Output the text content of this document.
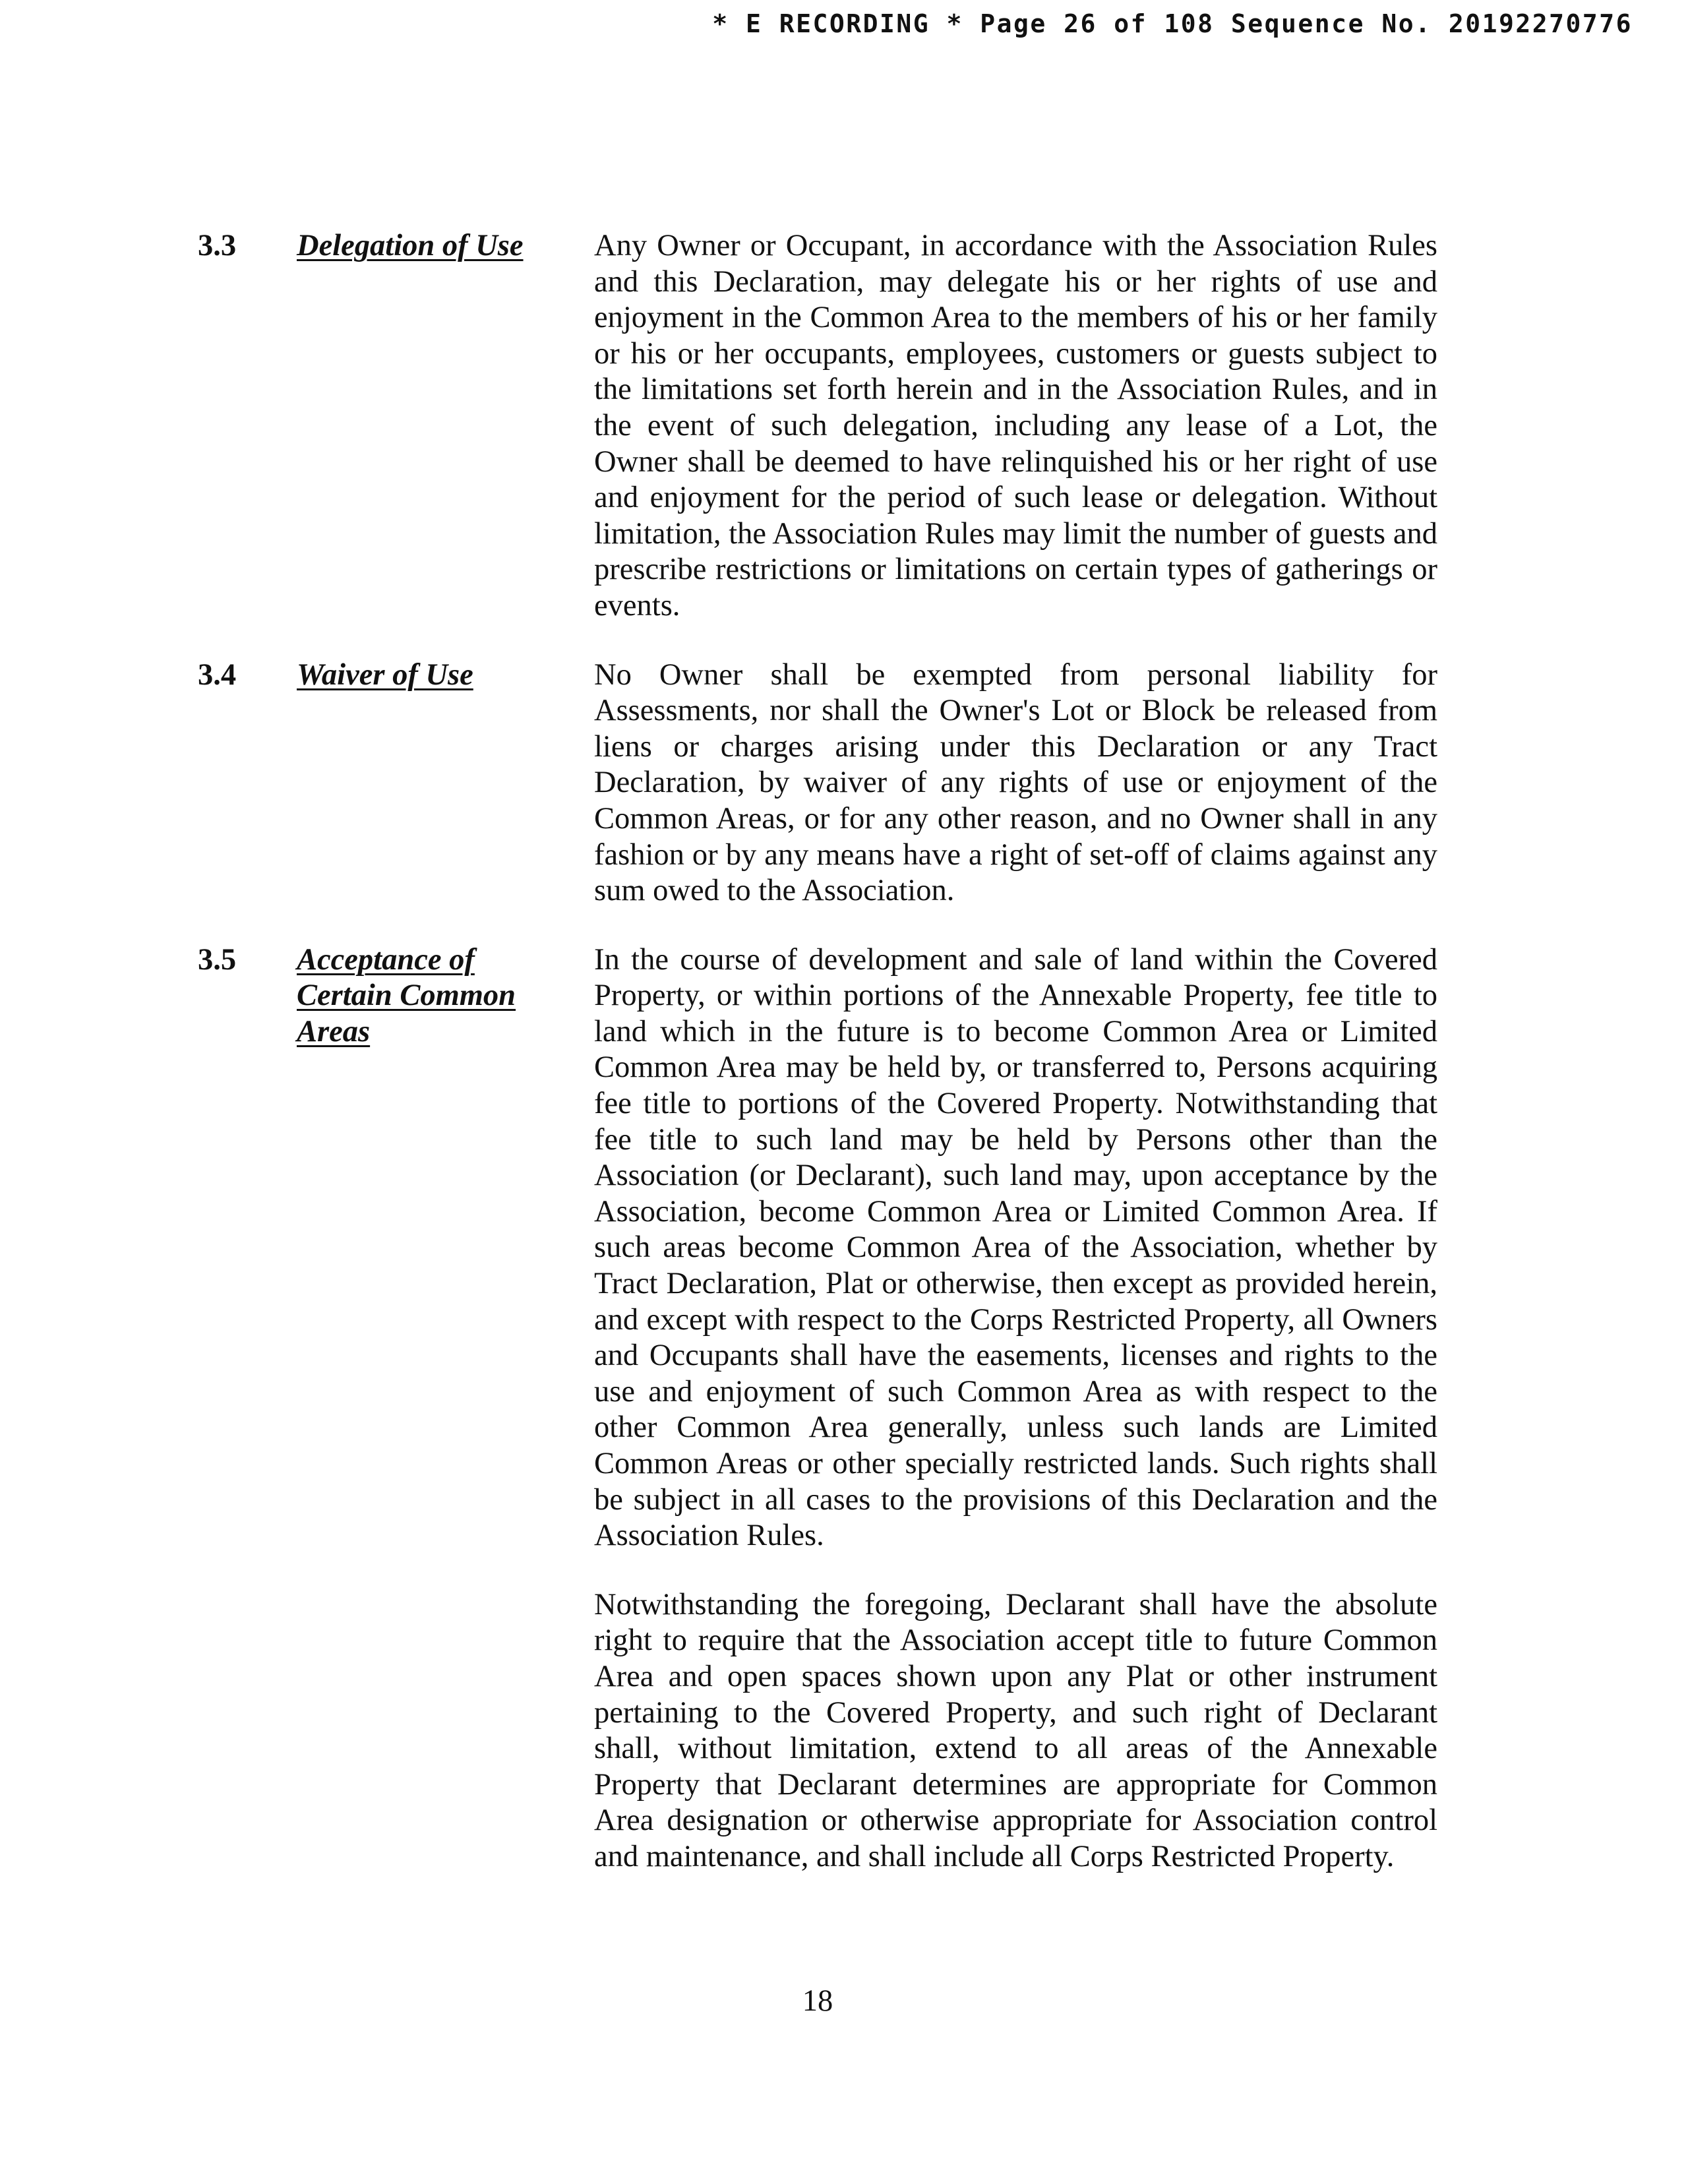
* E RECORDING * Page 26 of 108 Sequence No. 20192270776
3.3 Delegation of Use	Any Owner or Occupant, in accordance with the Association Rules and this Declaration, may delegate his or her rights of use and enjoyment in the Common Area to the members of his or her family or his or her occupants, employees, customers or guests subject to the limitations set forth herein and in the Association Rules, and in the event of such delegation, including any lease of a Lot, the Owner shall be deemed to have relinquished his or her right of use and enjoyment for the period of such lease or delegation. Without limitation, the Association Rules may limit the number of guests and prescribe restrictions or limitations on certain types of gatherings or events.

3.4 Waiver of Use	No Owner shall be exempted from personal liability for Assessments, nor shall the Owner's Lot or Block be released from liens or charges arising under this Declaration or any Tract Declaration, by waiver of any rights of use or enjoyment of the Common Areas, or for any other reason, and no Owner shall in any fashion or by any means have a right of set-off of claims against any sum owed to the Association.

3.5 Acceptance of Certain Common Areas

In the course of development and sale of land within the Covered Property, or within portions of the Annexable Property, fee title to land which in the future is to become Common Area or Limited Common Area may be held by, or transferred to, Persons acquiring fee title to portions of the Covered Property. Notwithstanding that fee title to such land may be held by Persons other than the Association (or Declarant), such land may, upon acceptance by the Association, become Common Area or Limited Common Area. If such areas become Common Area of the Association, whether by Tract Declaration, Plat or otherwise, then except as provided herein, and except with respect to the Corps Restricted Property, all Owners and Occupants shall have the easements, licenses and rights to the use and enjoyment of such Common Area as with respect to the other Common Area generally, unless such lands are Limited Common Areas or other specially restricted lands. Such rights shall be subject in all cases to the provisions of this Declaration and the Association Rules.

Notwithstanding the foregoing, Declarant shall have the absolute right to require that the Association accept title to future Common Area and open spaces shown upon any Plat or other instrument pertaining to the Covered Property, and such right of Declarant shall, without limitation, extend to all areas of the Annexable Property that Declarant determines are appropriate for Common Area designation or otherwise appropriate for Association control and maintenance, and shall include all Corps Restricted Property.

18
